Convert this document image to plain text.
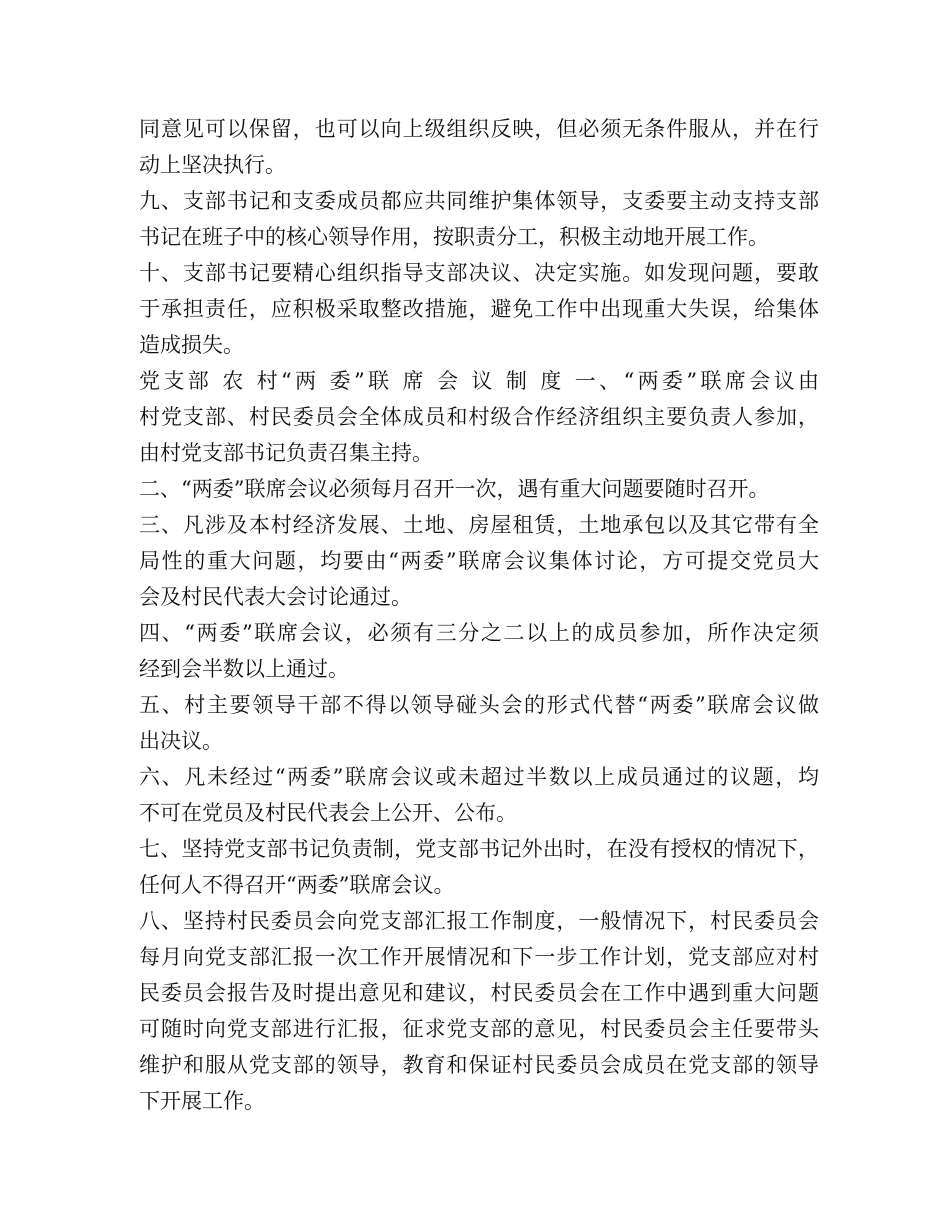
同意见可以保留，也可以向上级组织反映，但必须无条件服从，并在行
动上坚决执行。
九、支部书记和支委成员都应共同维护集体领导，支委要主动支持支部
书记在班子中的核心领导作用，按职责分工，积极主动地开展工作。
十、支部书记要精心组织指导支部决议、决定实施。如发现问题，要敢
于承担责任，应积极采取整改措施，避免工作中出现重大失误，给集体
造成损失。
党支部 农 村“两 委”联 席 会 议 制 度 一、“两委”联席会议由
村党支部、村民委员会全体成员和村级合作经济组织主要负责人参加，
由村党支部书记负责召集主持。
二、“两委”联席会议必须每月召开一次，遇有重大问题要随时召开。
三、凡涉及本村经济发展、土地、房屋租赁，土地承包以及其它带有全
局性的重大问题，均要由“两委”联席会议集体讨论，方可提交党员大
会及村民代表大会讨论通过。
四、“两委”联席会议，必须有三分之二以上的成员参加，所作决定须
经到会半数以上通过。
五、村主要领导干部不得以领导碰头会的形式代替“两委”联席会议做
出决议。
六、凡未经过“两委”联席会议或未超过半数以上成员通过的议题，均
不可在党员及村民代表会上公开、公布。
七、坚持党支部书记负责制，党支部书记外出时，在没有授权的情况下，
任何人不得召开“两委”联席会议。
八、坚持村民委员会向党支部汇报工作制度，一般情况下，村民委员会
每月向党支部汇报一次工作开展情况和下一步工作计划，党支部应对村
民委员会报告及时提出意见和建议，村民委员会在工作中遇到重大问题
可随时向党支部进行汇报，征求党支部的意见，村民委员会主任要带头
维护和服从党支部的领导，教育和保证村民委员会成员在党支部的领导
下开展工作。
